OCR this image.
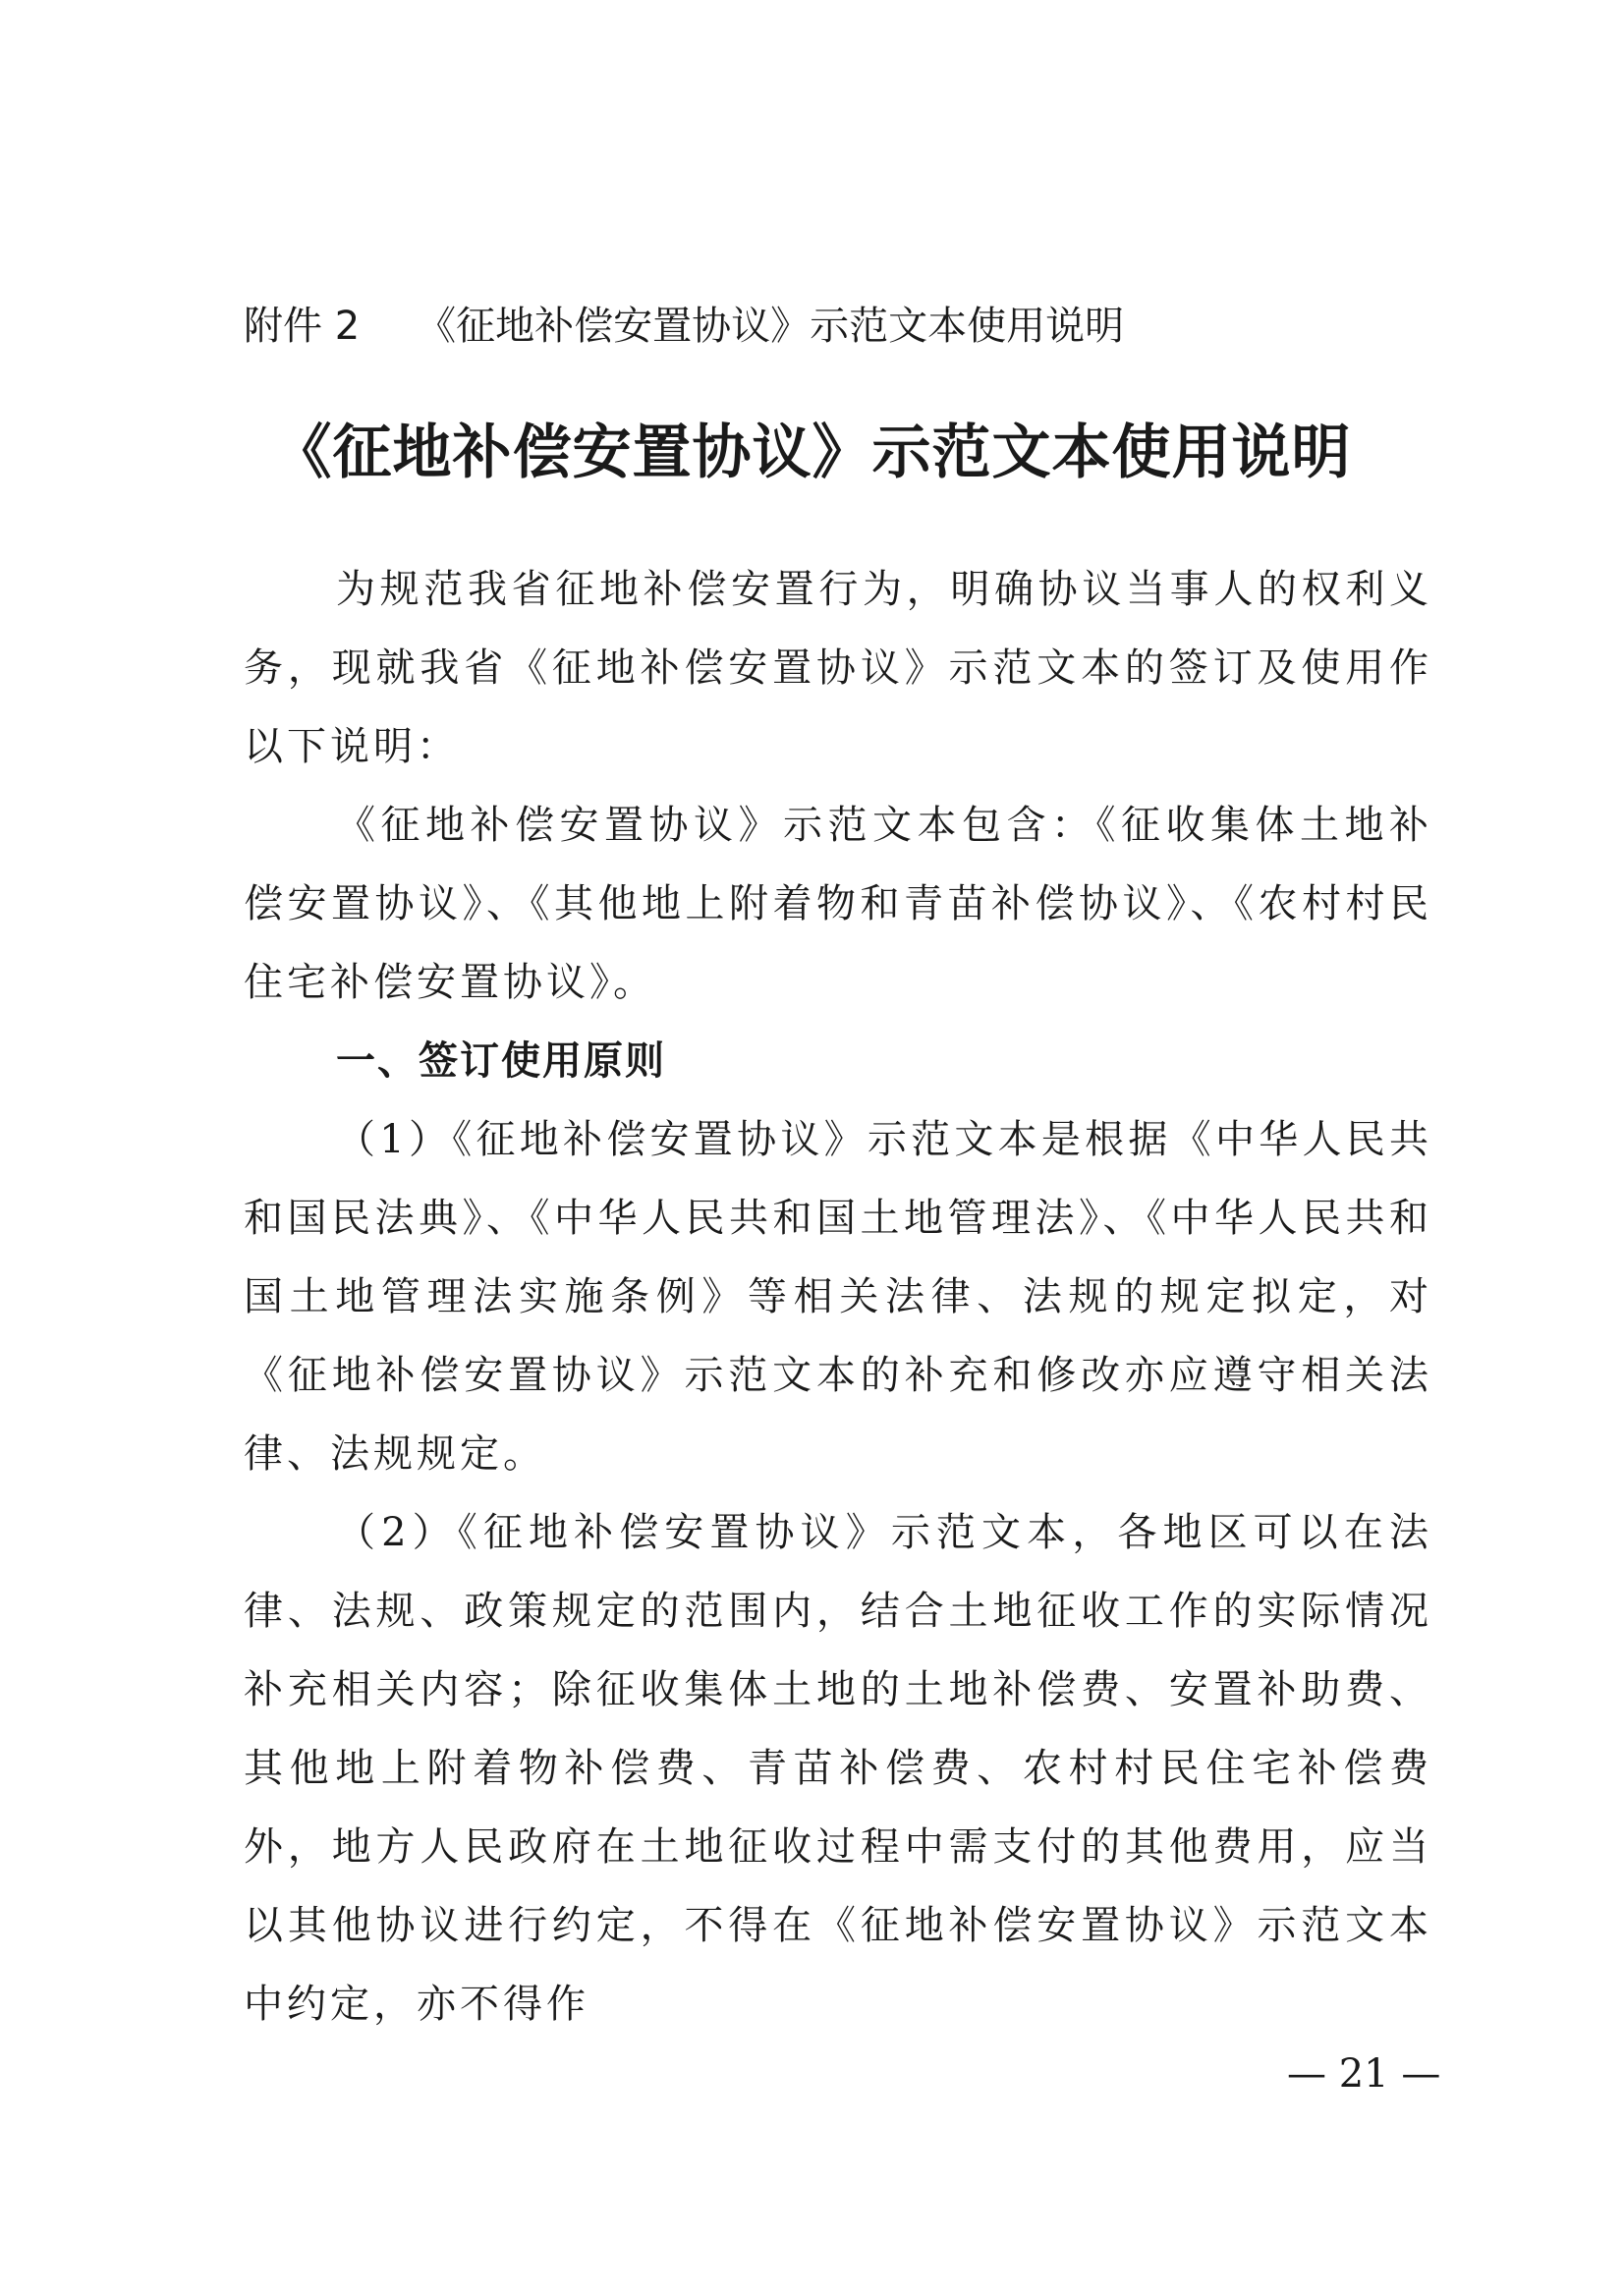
附件 2 《征地补偿安置协议》示范文本使用说明
《征地补偿安置协议》示范文本使用说明

为规范我省征地补偿安置行为，明确协议当事人的权利义务，现就我省《征地补偿安置协议》示范文本的签订及使用作以下说明：

《征地补偿安置协议》示范文本包含：《征收集体土地补偿安置协议》、《其他地上附着物和青苗补偿协议》、《农村村民住宅补偿安置协议》。

一、签订使用原则

（1）《征地补偿安置协议》示范文本是根据《中华人民共和国民法典》、《中华人民共和国土地管理法》、《中华人民共和国土地管理法实施条例》等相关法律、法规的规定拟定，对《征地补偿安置协议》示范文本的补充和修改亦应遵守相关法律、法规规定。

（2）《征地补偿安置协议》示范文本，各地区可以在法律、法规、政策规定的范围内，结合土地征收工作的实际情况补充相关内容；除征收集体土地的土地补偿费、安置补助费、其他地上附着物补偿费、青苗补偿费、农村村民住宅补偿费外，地方人民政府在土地征收过程中需支付的其他费用，应当以其他协议进行约定，不得在《征地补偿安置协议》示范文本中约定，亦不得作

— 21 —
